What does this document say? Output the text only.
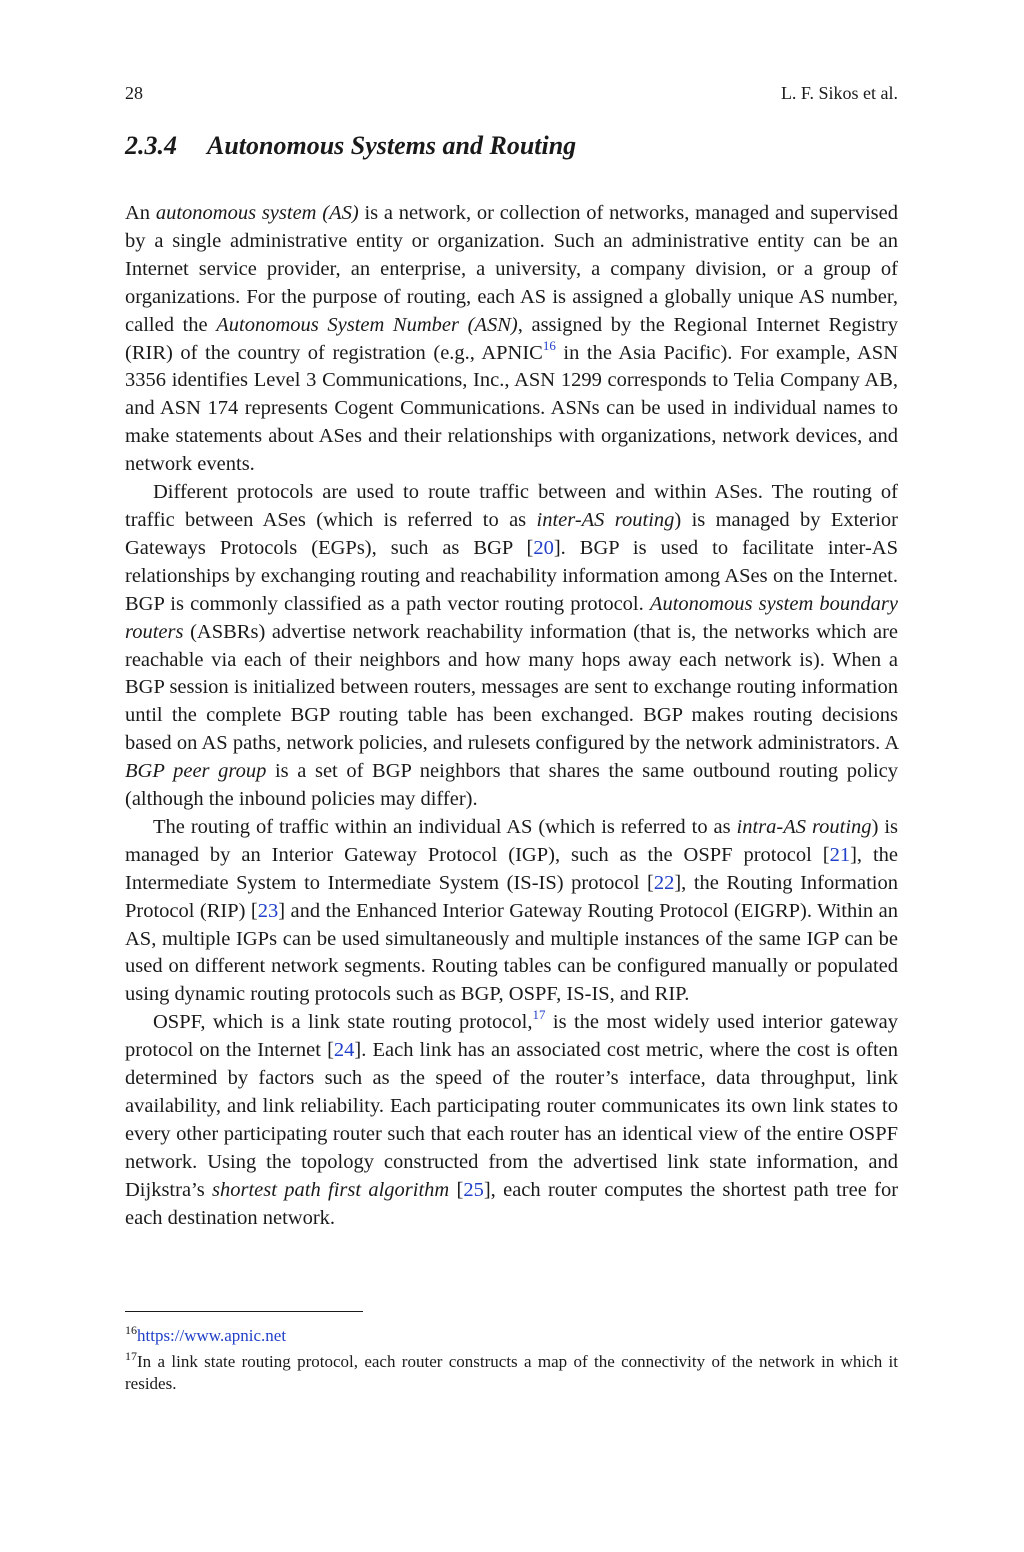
28	L. F. Sikos et al.
2.3.4 Autonomous Systems and Routing

An autonomous system (AS) is a network, or collection of networks, managed and supervised by a single administrative entity or organization. Such an administrative entity can be an Internet service provider, an enterprise, a university, a company division, or a group of organizations. For the purpose of routing, each AS is assigned a globally unique AS number, called the Autonomous System Number (ASN), assigned by the Regional Internet Registry (RIR) of the country of registration (e.g., APNIC$^{16}$ in the Asia Pacific). For example, ASN 3356 identifies Level 3 Communications, Inc., ASN 1299 corresponds to Telia Company AB, and ASN 174 represents Cogent Communications. ASNs can be used in individual names to make statements about ASes and their relationships with organizations, network devices, and network events.

Different protocols are used to route traffic between and within ASes. The routing of traffic between ASes (which is referred to as inter-AS routing) is managed by Exterior Gateways Protocols (EGPs), such as BGP [20]. BGP is used to facilitate inter-AS relationships by exchanging routing and reachability information among ASes on the Internet. BGP is commonly classified as a path vector routing protocol. Autonomous system boundary routers (ASBRs) advertise network reachability information (that is, the networks which are reachable via each of their neighbors and how many hops away each network is). When a BGP session is initialized between routers, messages are sent to exchange routing information until the complete BGP routing table has been exchanged. BGP makes routing decisions based on AS paths, network policies, and rulesets configured by the network administrators. A BGP peer group is a set of BGP neighbors that shares the same outbound routing policy (although the inbound policies may differ).

The routing of traffic within an individual AS (which is referred to as intra-AS routing) is managed by an Interior Gateway Protocol (IGP), such as the OSPF protocol [21], the Intermediate System to Intermediate System (IS-IS) protocol [22], the Routing Information Protocol (RIP) [23] and the Enhanced Interior Gateway Routing Protocol (EIGRP). Within an AS, multiple IGPs can be used simultaneously and multiple instances of the same IGP can be used on different network segments. Routing tables can be configured manually or populated using dynamic routing protocols such as BGP, OSPF, IS-IS, and RIP.

OSPF, which is a link state routing protocol,$^{17}$ is the most widely used interior gateway protocol on the Internet [24]. Each link has an associated cost metric, where the cost is often determined by factors such as the speed of the router’s interface, data throughput, link availability, and link reliability. Each participating router communicates its own link states to every other participating router such that each router has an identical view of the entire OSPF network. Using the topology constructed from the advertised link state information, and Dijkstra’s shortest path first algorithm [25], each router computes the shortest path tree for each destination network.

$^{16}$https://www.apnic.net
$^{17}$In a link state routing protocol, each router constructs a map of the connectivity of the network in which it resides.
